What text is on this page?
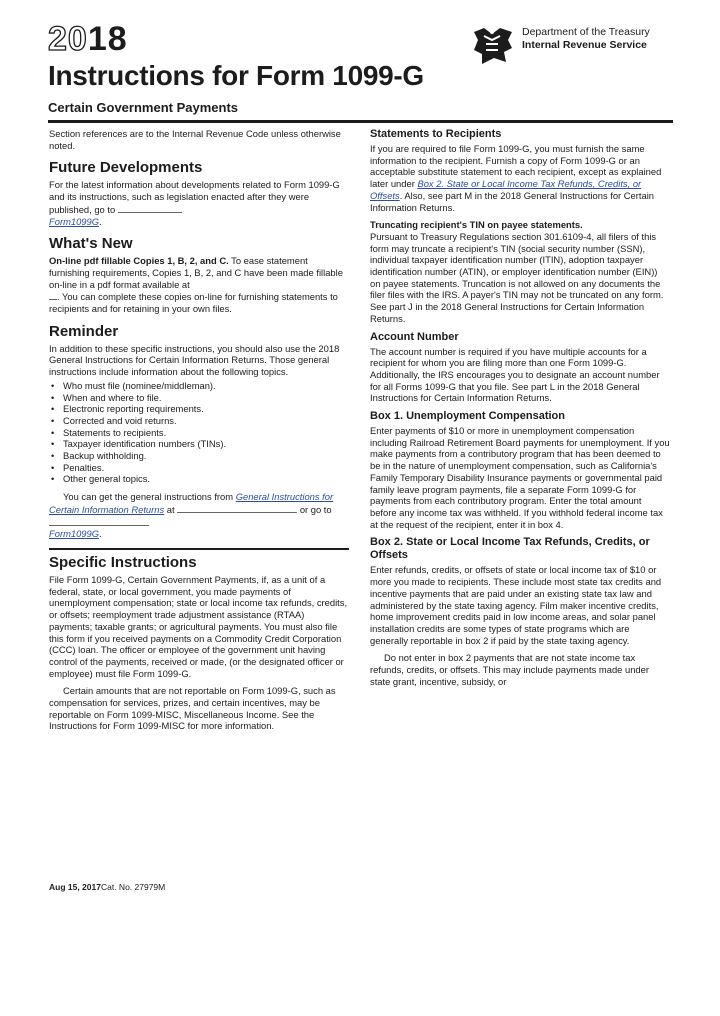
2018
Instructions for Form 1099-G
Certain Government Payments
Department of the Treasury
Internal Revenue Service

Section references are to the Internal Revenue Code unless otherwise noted.

Future Developments

For the latest information about developments related to Form 1099-G and its instructions, such as legislation enacted after they were published, go to
Form1099G.

What's New

On-line pdf fillable Copies 1, B, 2, and C. To ease statement furnishing requirements, Copies 1, B, 2, and C have been made fillable on-line in a pdf format available at
. You can complete these copies on-line for furnishing statements to recipients and for retaining in your own files.

Reminder

In addition to these specific instructions, you should also use the 2018 General Instructions for Certain Information Returns. Those general instructions include information about the following topics.

• Who must file (nominee/middleman).
• When and where to file.
• Electronic reporting requirements.
• Corrected and void returns.
• Statements to recipients.
• Taxpayer identification numbers (TINs).
• Backup withholding.
• Penalties.
• Other general topics.

You can get the general instructions from General Instructions for Certain Information Returns at	or go to
Form1099G.

Specific Instructions

File Form 1099-G, Certain Government Payments, if, as a unit of a federal, state, or local government, you made payments of unemployment compensation; state or local income tax refunds, credits, or offsets; reemployment trade adjustment assistance (RTAA) payments; taxable grants; or agricultural payments. You must also file this form if you received payments on a Commodity Credit Corporation (CCC) loan. The officer or employee of the government unit having control of the payments, received or made, (or the designated officer or employee) must file Form 1099-G.

Certain amounts that are not reportable on Form 1099-G, such as compensation for services, prizes, and certain incentives, may be reportable on Form 1099-MISC, Miscellaneous Income. See the Instructions for Form 1099-MISC for more information.

Statements to Recipients

If you are required to file Form 1099-G, you must furnish the same information to the recipient. Furnish a copy of Form 1099-G or an acceptable substitute statement to each recipient, except as explained later under Box 2. State or Local Income Tax Refunds, Credits, or Offsets. Also, see part M in the 2018 General Instructions for Certain Information Returns.

Truncating recipient's TIN on payee statements.
Pursuant to Treasury Regulations section 301.6109-4, all filers of this form may truncate a recipient's TIN (social security number (SSN), individual taxpayer identification number (ITIN), adoption taxpayer identification number (ATIN), or employer identification number (EIN)) on payee statements. Truncation is not allowed on any documents the filer files with the IRS. A payer's TIN may not be truncated on any form. See part J in the 2018 General Instructions for Certain Information Returns.

Account Number

The account number is required if you have multiple accounts for a recipient for whom you are filing more than one Form 1099-G. Additionally, the IRS encourages you to designate an account number for all Forms 1099-G that you file. See part L in the 2018 General Instructions for Certain Information Returns.

Box 1. Unemployment Compensation

Enter payments of $10 or more in unemployment compensation including Railroad Retirement Board payments for unemployment. If you make payments from a contributory program that has been deemed to be in the nature of unemployment compensation, such as California's Family Temporary Disability Insurance payments or governmental paid family leave program payments, file a separate Form 1099-G for payments from each contributory program. Enter the total amount before any income tax was withheld. If you withhold federal income tax at the request of the recipient, enter it in box 4.

Box 2. State or Local Income Tax Refunds, Credits, or Offsets

Enter refunds, credits, or offsets of state or local income tax of $10 or more you made to recipients. These include most state tax credits and incentive payments that are paid under an existing state tax law and administered by the state taxing agency. Film maker incentive credits, home improvement credits paid in low income areas, and solar panel installation credits are some types of state programs which are generally reportable in box 2 if paid by the state taxing agency.

Do not enter in box 2 payments that are not state income tax refunds, credits, or offsets. This may include payments made under state grant, incentive, subsidy, or

Aug 15, 2017Cat. No. 27979M
